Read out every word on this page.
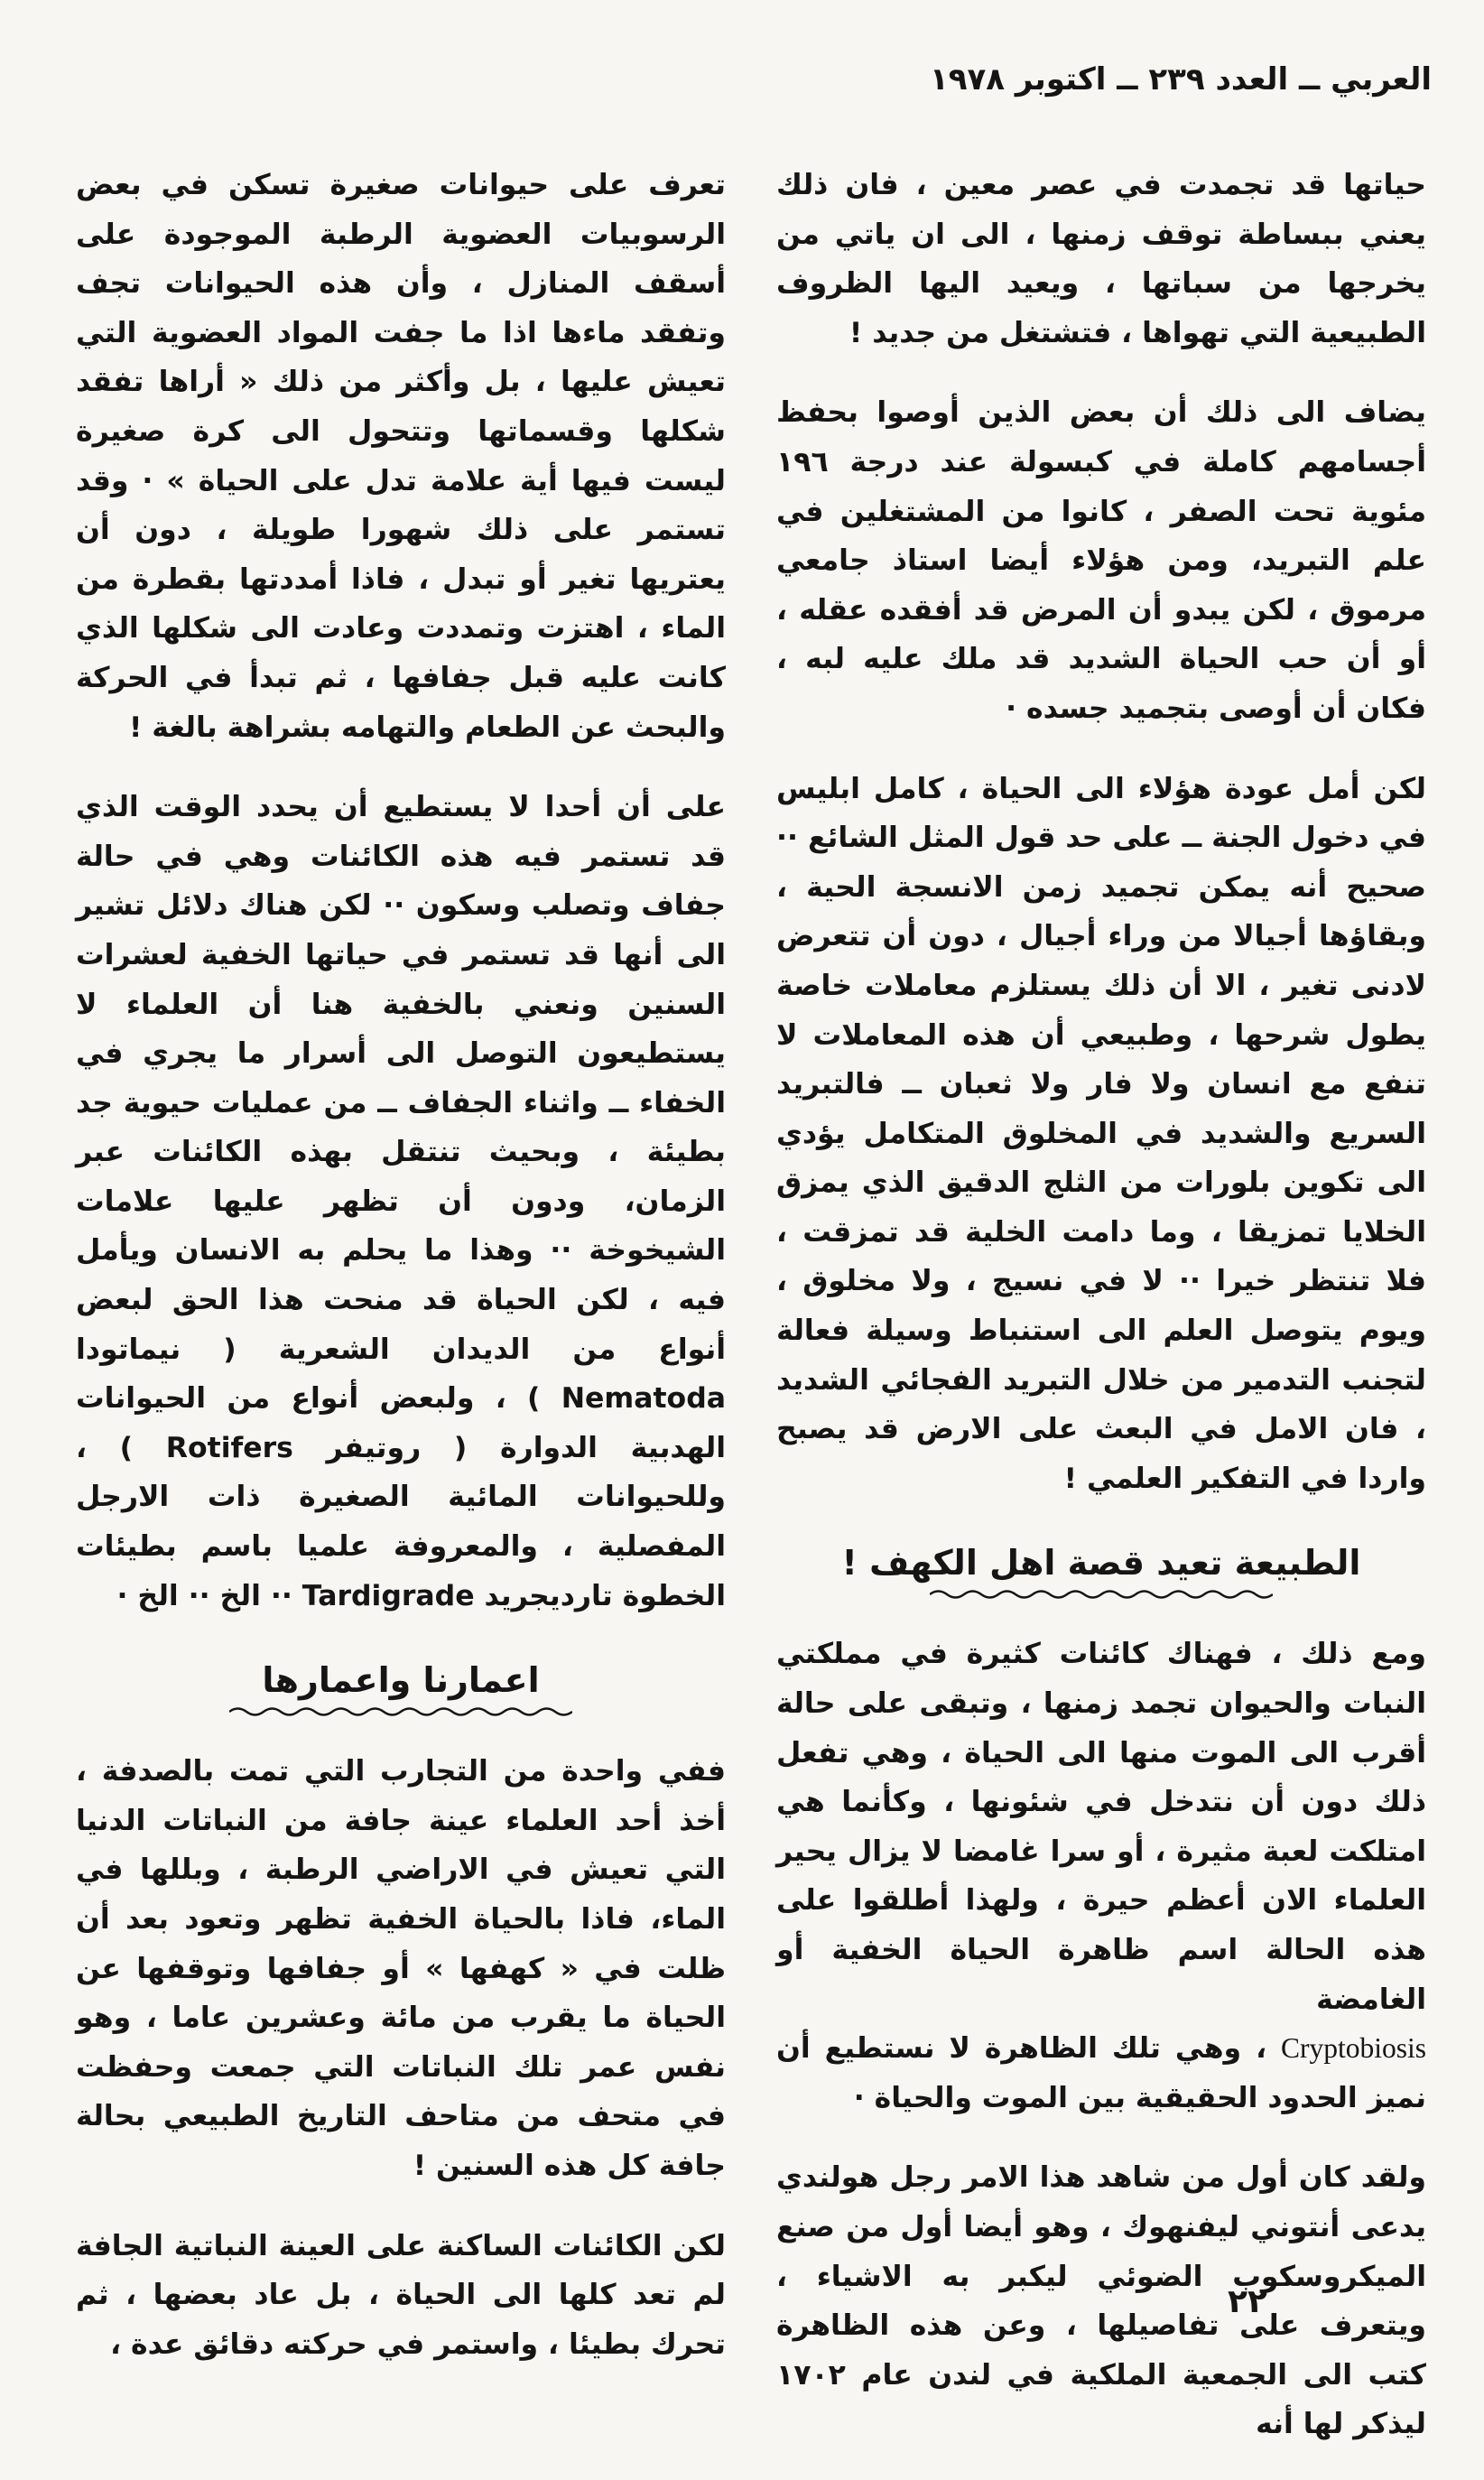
العربي ــ العدد ٢٣٩ ــ اكتوبر ١٩٧٨

حياتها قد تجمدت في عصر معين ، فان ذلك يعني ببساطة توقف زمنها ، الى ان ياتي من يخرجها من سباتها ، ويعيد اليها الظروف الطبيعية التي تهواها ، فتشتغل من جديد !

يضاف الى ذلك أن بعض الذين أوصوا بحفظ أجسامهم كاملة في كبسولة عند درجة ١٩٦ مئوية تحت الصفر ، كانوا من المشتغلين في علم التبريد، ومن هؤلاء أيضا استاذ جامعي مرموق ، لكن يبدو أن المرض قد أفقده عقله ، أو أن حب الحياة الشديد قد ملك عليه لبه ، فكان أن أوصى بتجميد جسده ·

لكن أمل عودة هؤلاء الى الحياة ، كامل ابليس في دخول الجنة ــ على حد قول المثل الشائع ·· صحيح أنه يمكن تجميد زمن الانسجة الحية ، وبقاؤها أجيالا من وراء أجيال ، دون أن تتعرض لادنى تغير ، الا أن ذلك يستلزم معاملات خاصة يطول شرحها ، وطبيعي أن هذه المعاملات لا تنفع مع انسان ولا فار ولا ثعبان ــ فالتبريد السريع والشديد في المخلوق المتكامل يؤدي الى تكوين بلورات من الثلج الدقيق الذي يمزق الخلايا تمزيقا ، وما دامت الخلية قد تمزقت ، فلا تنتظر خيرا ·· لا في نسيج ، ولا مخلوق ، ويوم يتوصل العلم الى استنباط وسيلة فعالة لتجنب التدمير من خلال التبريد الفجائي الشديد ، فان الامل في البعث على الارض قد يصبح واردا في التفكير العلمي !

الطبيعة تعيد قصة اهل الكهف !

ومع ذلك ، فهناك كائنات كثيرة في مملكتي النبات والحيوان تجمد زمنها ، وتبقى على حالة أقرب الى الموت منها الى الحياة ، وهي تفعل ذلك دون أن نتدخل في شئونها ، وكأنما هي امتلكت لعبة مثيرة ، أو سرا غامضا لا يزال يحير العلماء الان أعظم حيرة ، ولهذا أطلقوا على هذه الحالة اسم ظاهرة الحياة الخفية أو الغامضة

Cryptobiosis ، وهي تلك الظاهرة لا نستطيع أن نميز الحدود الحقيقية بين الموت والحياة ·

ولقد كان أول من شاهد هذا الامر رجل هولندي يدعى أنتوني ليفنهوك ، وهو أيضا أول من صنع الميكروسكوب الضوئي ليكبر به الاشياء ، ويتعرف على تفاصيلها ، وعن هذه الظاهرة كتب الى الجمعية الملكية في لندن عام ١٧٠٢ ليذكر لها أنه

تعرف على حيوانات صغيرة تسكن في بعض الرسوبيات العضوية الرطبة الموجودة على أسقف المنازل ، وأن هذه الحيوانات تجف وتفقد ماءها اذا ما جفت المواد العضوية التي تعيش عليها ، بل وأكثر من ذلك « أراها تفقد شكلها وقسماتها وتتحول الى كرة صغيرة ليست فيها أية علامة تدل على الحياة » · وقد تستمر على ذلك شهورا طويلة ، دون أن يعتريها تغير أو تبدل ، فاذا أمددتها بقطرة من الماء ، اهتزت وتمددت وعادت الى شكلها الذي كانت عليه قبل جفافها ، ثم تبدأ في الحركة والبحث عن الطعام والتهامه بشراهة بالغة !

على أن أحدا لا يستطيع أن يحدد الوقت الذي قد تستمر فيه هذه الكائنات وهي في حالة جفاف وتصلب وسكون ·· لكن هناك دلائل تشير الى أنها قد تستمر في حياتها الخفية لعشرات السنين ونعني بالخفية هنا أن العلماء لا يستطيعون التوصل الى أسرار ما يجري في الخفاء ــ واثناء الجفاف ــ من عمليات حيوية جد بطيئة ، وبحيث تنتقل بهذه الكائنات عبر الزمان، ودون أن تظهر عليها علامات الشيخوخة ·· وهذا ما يحلم به الانسان ويأمل فيه ، لكن الحياة قد منحت هذا الحق لبعض أنواع من الديدان الشعرية ( نيماتودا Nematoda ) ، ولبعض أنواع من الحيوانات الهدبية الدوارة ( روتيفر Rotifers ) ، وللحيوانات المائية الصغيرة ذات الارجل المفصلية ، والمعروفة علميا باسم بطيئات الخطوة تارديجريد Tardigrade ·· الخ ·· الخ ·

اعمارنا واعمارها

ففي واحدة من التجارب التي تمت بالصدفة ، أخذ أحد العلماء عينة جافة من النباتات الدنيا التي تعيش في الاراضي الرطبة ، وبللها في الماء، فاذا بالحياة الخفية تظهر وتعود بعد أن ظلت في « كهفها » أو جفافها وتوقفها عن الحياة ما يقرب من مائة وعشرين عاما ، وهو نفس عمر تلك النباتات التي جمعت وحفظت في متحف من متاحف التاريخ الطبيعي بحالة جافة كل هذه السنين !

لكن الكائنات الساكنة على العينة النباتية الجافة لم تعد كلها الى الحياة ، بل عاد بعضها ، ثم تحرك بطيئا ، واستمر في حركته دقائق عدة ،

٢٢
